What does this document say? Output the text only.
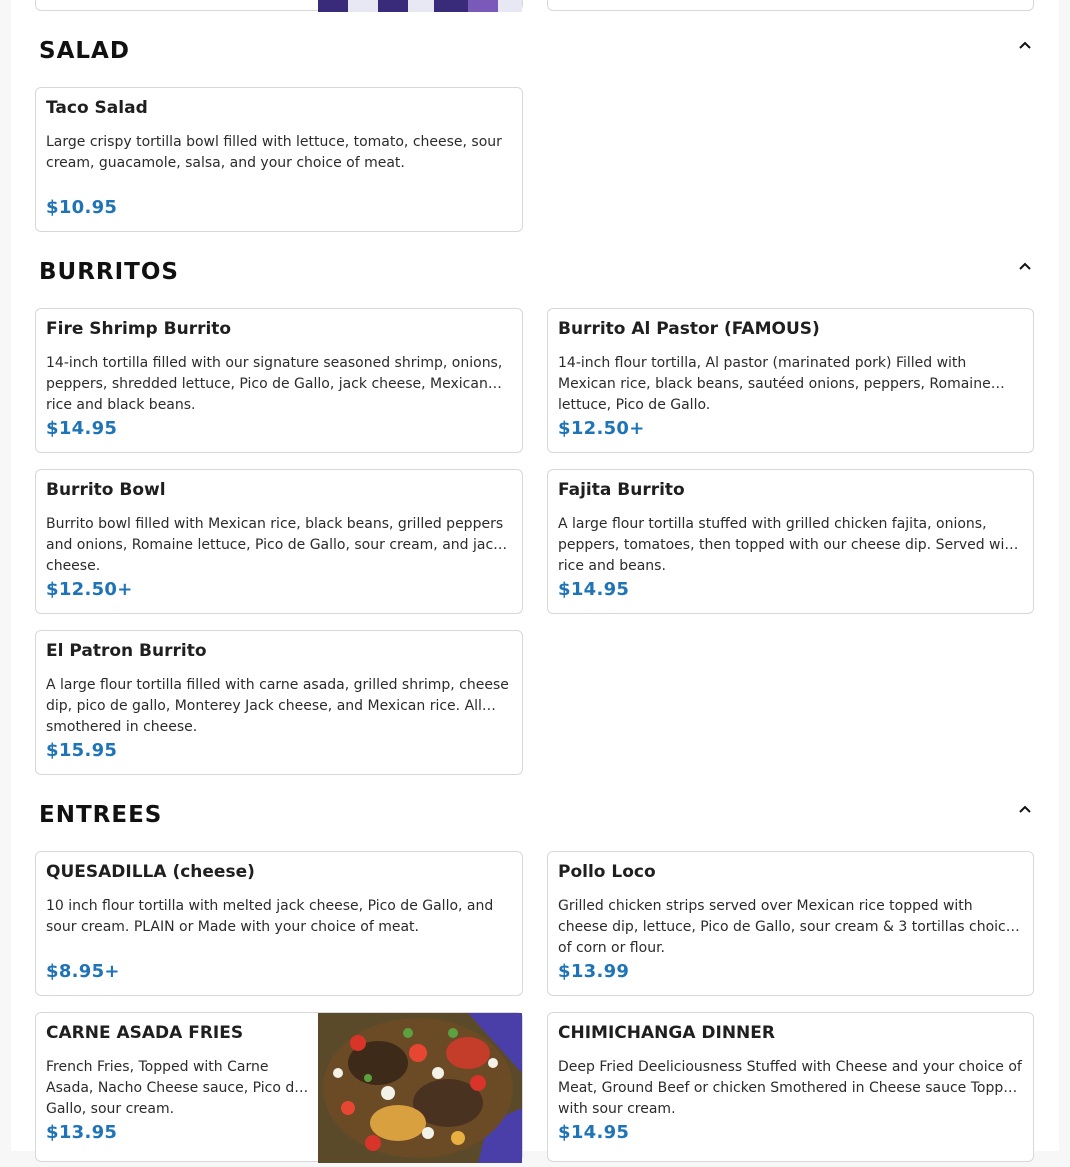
SALAD
Taco Salad
Large crispy tortilla bowl filled with lettuce, tomato, cheese, sour cream, guacamole, salsa, and your choice of meat.
$10.95
BURRITOS
Fire Shrimp Burrito
14-inch tortilla filled with our signature seasoned shrimp, onions, peppers, shredded lettuce, Pico de Gallo, jack cheese, Mexican rice and black beans.
$14.95
Burrito Al Pastor (FAMOUS)
14-inch flour tortilla, Al pastor (marinated pork) Filled with Mexican rice, black beans, sautéed onions, peppers, Romaine lettuce, Pico de Gallo.
$12.50+
Burrito Bowl
Burrito bowl filled with Mexican rice, black beans, grilled peppers and onions, Romaine lettuce, Pico de Gallo, sour cream, and jack cheese.
$12.50+
Fajita Burrito
A large flour tortilla stuffed with grilled chicken fajita, onions, peppers, tomatoes, then topped with our cheese dip. Served with rice and beans.
$14.95
El Patron Burrito
A large flour tortilla filled with carne asada, grilled shrimp, cheese dip, pico de gallo, Monterey Jack cheese, and Mexican rice. All smothered in cheese.
$15.95
ENTREES
QUESADILLA (cheese)
10 inch flour tortilla with melted jack cheese, Pico de Gallo, and sour cream. PLAIN or Made with your choice of meat.
$8.95+
Pollo Loco
Grilled chicken strips served over Mexican rice topped with cheese dip, lettuce, Pico de Gallo, sour cream & 3 tortillas choice of corn or flour.
$13.99
CARNE ASADA FRIES
French Fries, Topped with Carne Asada, Nacho Cheese sauce, Pico de Gallo, sour cream.
$13.95
CHIMICHANGA DINNER
Deep Fried Deeliciousness Stuffed with Cheese and your choice of Meat, Ground Beef or chicken Smothered in Cheese sauce Topped with sour cream.
$14.95
